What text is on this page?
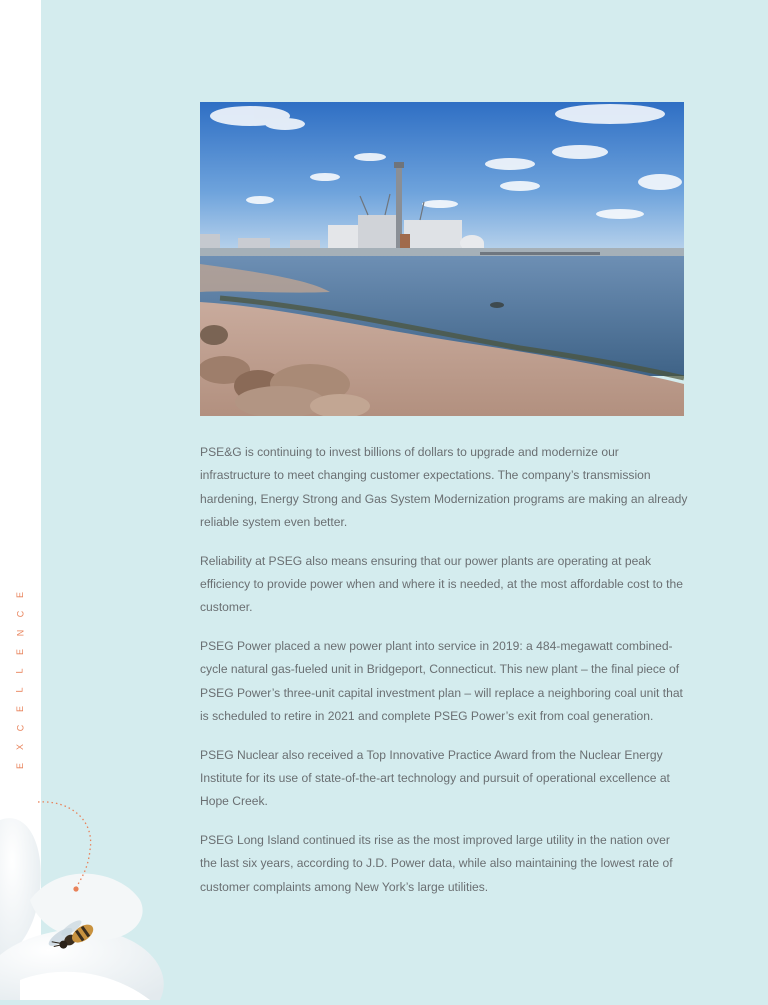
E
C
N
E
L
L
E
C
X
E

PSE&G is continuing to invest billions of dollars to upgrade and modernize our infrastructure to meet changing customer expectations. The company’s transmission hardening, Energy Strong and Gas System Modernization programs are making an already reliable system even better.

Reliability at PSEG also means ensuring that our power plants are operating at peak efficiency to provide power when and where it is needed, at the most affordable cost to the customer.

PSEG Power placed a new power plant into service in 2019: a 484-megawatt combined-cycle natural gas-fueled unit in Bridgeport, Connecticut. This new plant – the final piece of PSEG Power’s three-unit capital investment plan – will replace a neighboring coal unit that is scheduled to retire in 2021 and complete PSEG Power’s exit from coal generation.

PSEG Nuclear also received a Top Innovative Practice Award from the Nuclear Energy Institute for its use of state-of-the-art technology and pursuit of operational excellence at Hope Creek.

PSEG Long Island continued its rise as the most improved large utility in the nation over the last six years, according to J.D. Power data, while also maintaining the lowest rate of customer complaints among New York’s large utilities.
